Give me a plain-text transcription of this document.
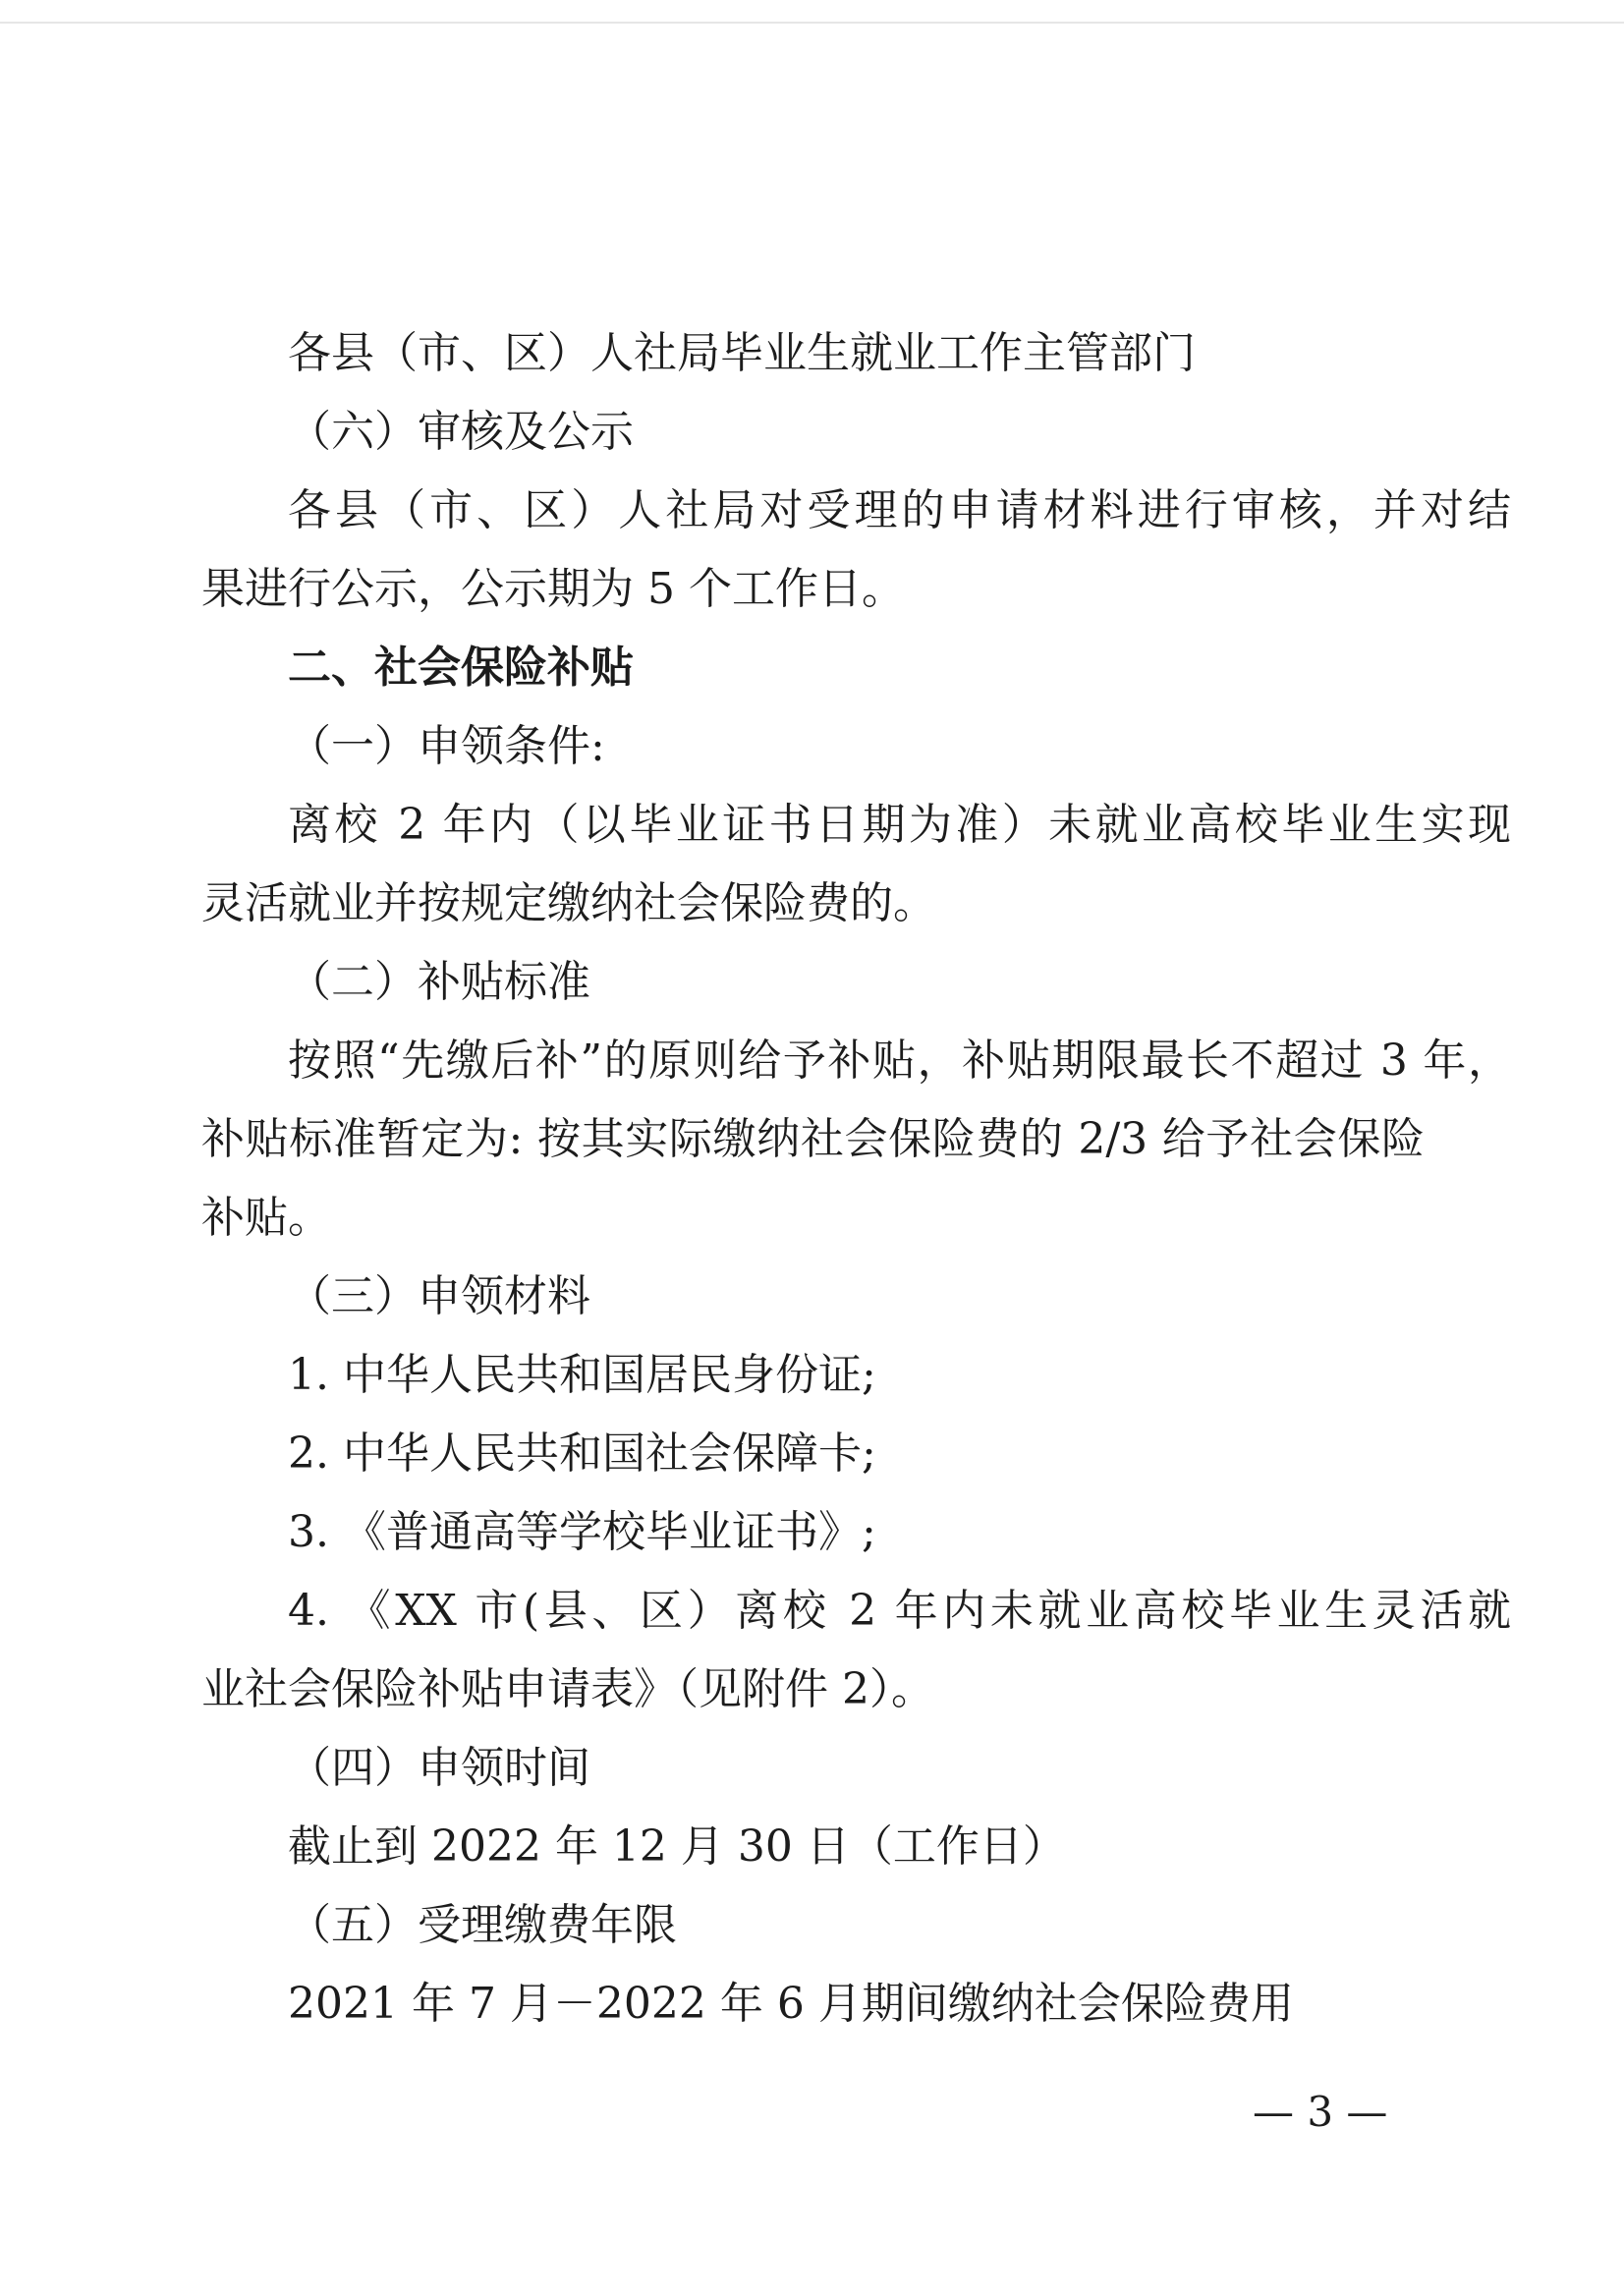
各县（市、区）人社局毕业生就业工作主管部门
（六）审核及公示
各县（市、区）人社局对受理的申请材料进行审核，并对结
果进行公示，公示期为 5 个工作日。
二、社会保险补贴
（一）申领条件:
离校 2 年内（以毕业证书日期为准）未就业高校毕业生实现
灵活就业并按规定缴纳社会保险费的。
（二）补贴标准
按照“先缴后补”的原则给予补贴，补贴期限最长不超过 3 年，
补贴标准暂定为: 按其实际缴纳社会保险费的 2/3 给予社会保险
补贴。
（三）申领材料
1. 中华人民共和国居民身份证;
2. 中华人民共和国社会保障卡;
3. 《普通高等学校毕业证书》;
4. 《XX 市(县、区）离校 2 年内未就业高校毕业生灵活就
业社会保险补贴申请表》（见附件 2）。
（四）申领时间
截止到 2022 年 12 月 30 日（工作日）
（五）受理缴费年限
2021 年 7 月－2022 年 6 月期间缴纳社会保险费用
— 3 —
